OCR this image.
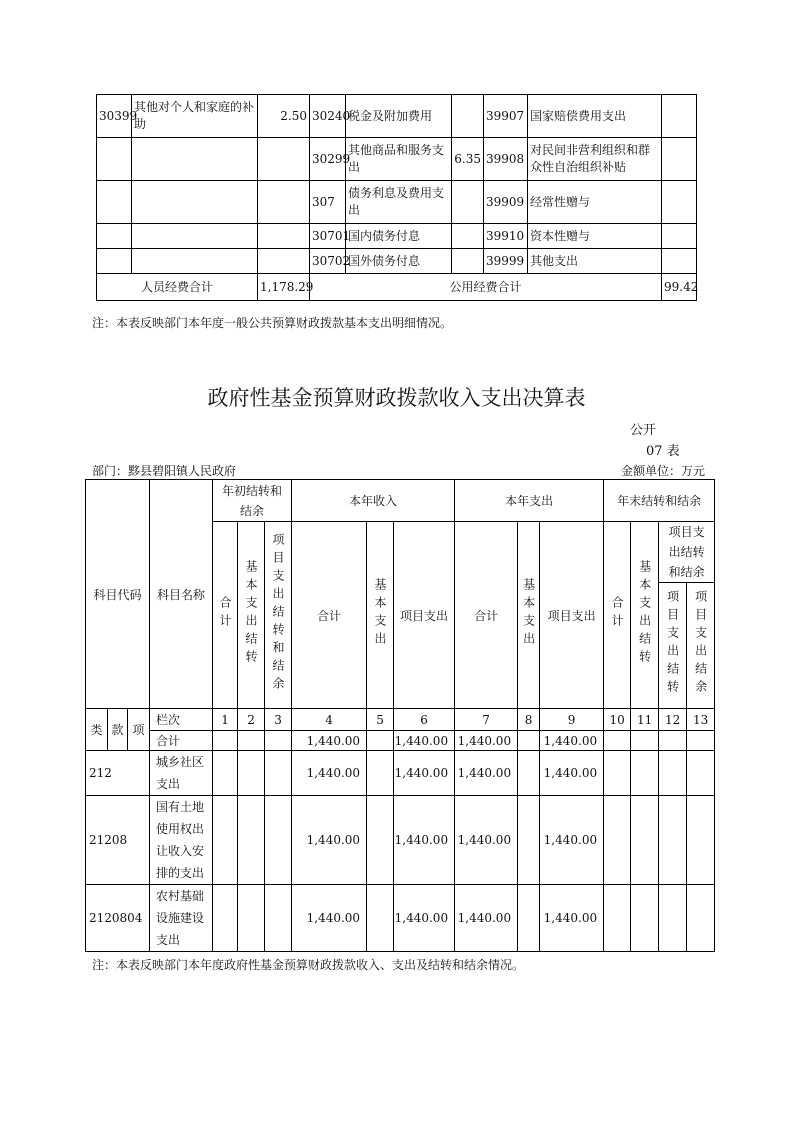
30399	其他对个人和家庭的补助	2.50	30240	税金及附加费用		39907	国家赔偿费用支出	
			30299	其他商品和服务支出	6.35	39908	对民间非营利组织和群众性自治组织补贴	
			307	债务利息及费用支出		39909	经常性赠与	
			30701	国内债务付息		39910	资本性赠与	
			30702	国外债务付息		39999	其他支出	
人员经费合计		1,178.29	公用经费合计					99.42
注：本表反映部门本年度一般公共预算财政拨款基本支出明细情况。
政府性基金预算财政拨款收入支出决算表
公开
07 表
部门：黟县碧阳镇人民政府	金额单位：万元
科目代码			科目名称	年初结转和结余			本年收入			本年支出			年末结转和结余			
				合计	基本支出结转	项目支出结转和结余	合计	基本支出	项目支出	合计	基本支出	项目支出	合计	基本支出结转	项目支出结转和结余	
															项目支出结转	项目支出结余
类	款	项	栏次	1	2	3	4	5	6	7	8	9	10	11	12	13
			合计				1,440.00		1,440.00	1,440.00		1,440.00				
212			城乡社区支出				1,440.00		1,440.00	1,440.00		1,440.00				
21208			国有土地使用权出让收入安排的支出				1,440.00		1,440.00	1,440.00		1,440.00				
2120804			农村基础设施建设支出				1,440.00		1,440.00	1,440.00		1,440.00				
注：本表反映部门本年度政府性基金预算财政拨款收入、支出及结转和结余情况。
